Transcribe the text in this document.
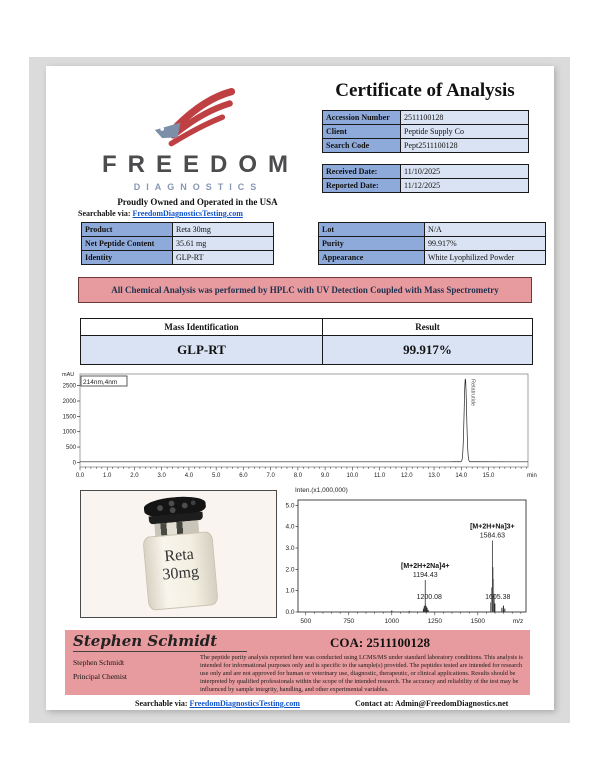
FREEDOM
DIAGNOSTICS
Proudly Owned and Operated in the USA
Searchable via: FreedomDiagnosticsTesting.com
Certificate of Analysis
Accession Number	2511100128
Client	Peptide Supply Co
Search Code	Pept2511100128
Received Date:	11/10/2025
Reported Date:	11/12/2025
Product	Reta 30mg
Net Peptide Content	35.61 mg
Identity	GLP-RT
Lot	N/A
Purity	99.917%
Appearance	White Lyophilized Powder
All Chemical Analysis was performed by HPLC with UV Detection Coupled with Mass Spectrometry
Mass Identification	Result
GLP-RT	99.917%
0
500
1000
1500
2000
2500
0.0	1.0	2.0	3.0	4.0	5.0	6.0	7.0	8.0	9.0	10.0	11.0	12.0	13.0	14.0	15.0	min
mAU
214nm,4nm	Retatrutide
Reta
30mg
Inten.(x1,000,000)
0.0
1.0
2.0
3.0
4.0
5.0
500	750	1000	1250	1500	m/z
1194.43
[M+2H+2Na]4+
1584.63
[M+2H+Na]3+
1200.08	1605.38
Stephen Schmidt	COA: 2511100128
Stephen Schmidt
Principal Chemist
The peptide purity analysis reported here was conducted using LCMS/MS under standard laboratory conditions. This analysis is intended for informational purposes only and is specific to the sample(s) provided. The peptides tested are intended for research use only and are not approved for human or veterinary use, diagnostic, therapeutic, or clinical applications. Results should be interpreted by qualified professionals within the scope of the intended research. The accuracy and reliability of the test may be influenced by sample integrity, handling, and other experimental variables.
Searchable via: FreedomDiagnosticsTesting.com	Contact at: Admin@FreedomDiagnostics.net
